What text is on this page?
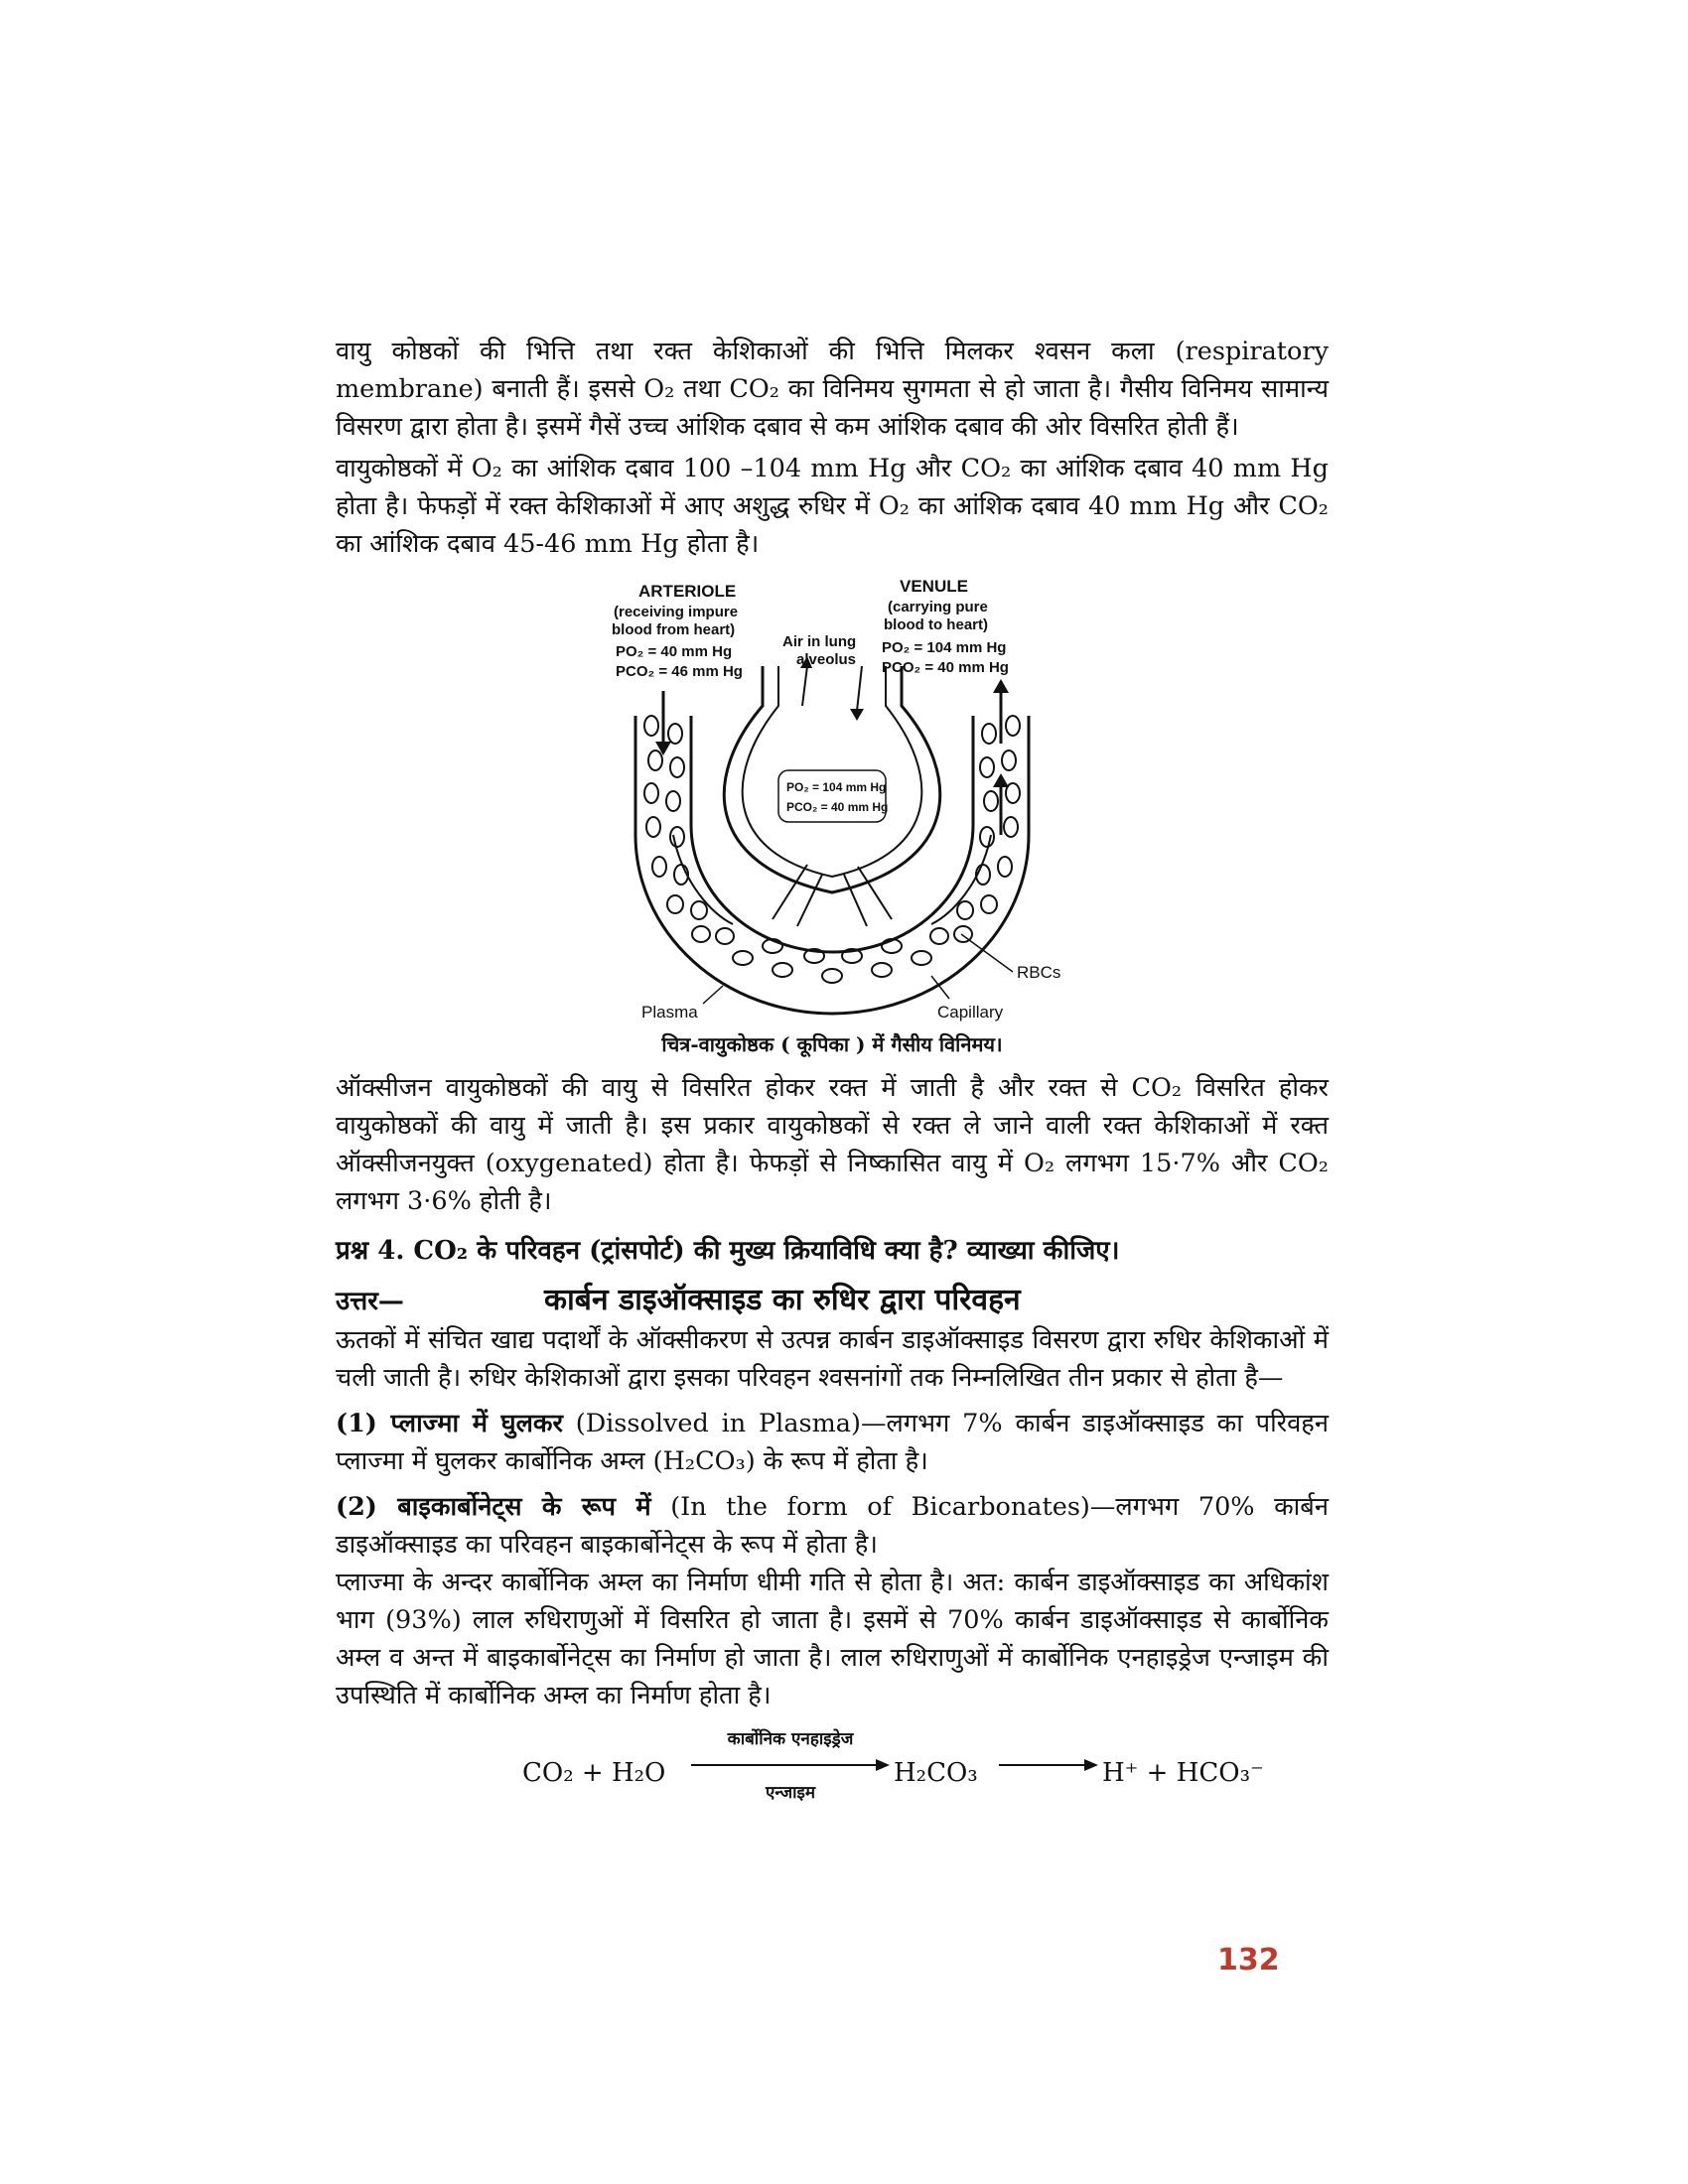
वायु कोष्ठकों की भित्ति तथा रक्त केशिकाओं की भित्ति मिलकर श्वसन कला (respiratory membrane) बनाती हैं। इससे O₂ तथा CO₂ का विनिमय सुगमता से हो जाता है। गैसीय विनिमय सामान्य विसरण द्वारा होता है। इसमें गैसें उच्च आंशिक दबाव से कम आंशिक दबाव की ओर विसरित होती हैं।

वायुकोष्ठकों में O₂ का आंशिक दबाव 100 –104 mm Hg और CO₂ का आंशिक दबाव 40 mm Hg होता है। फेफड़ों में रक्त केशिकाओं में आए अशुद्ध रुधिर में O₂ का आंशिक दबाव 40 mm Hg और CO₂ का आंशिक दबाव 45-46 mm Hg होता है।

ARTERIOLE
(receiving impure
blood from heart)
PO₂ = 40 mm Hg
PCO₂ = 46 mm Hg
Air in lung
alveolus
VENULE
(carrying pure
blood to heart)
PO₂ = 104 mm Hg
PCO₂ = 40 mm Hg
PO₂ = 104 mm Hg
PCO₂ = 40 mm Hg
RBCs
Plasma	Capillary
चित्र-वायुकोष्ठक ( कूपिका ) में गैसीय विनिमय।

ऑक्सीजन वायुकोष्ठकों की वायु से विसरित होकर रक्त में जाती है और रक्त से CO₂ विसरित होकर वायुकोष्ठकों की वायु में जाती है। इस प्रकार वायुकोष्ठकों से रक्त ले जाने वाली रक्त केशिकाओं में रक्त ऑक्सीजनयुक्त (oxygenated) होता है। फेफड़ों से निष्कासित वायु में O₂ लगभग 15·7% और CO₂ लगभग 3·6% होती है।

प्रश्न 4. CO₂ के परिवहन (ट्रांसपोर्ट) की मुख्य क्रियाविधि क्या है? व्याख्या कीजिए।

उत्तर—	कार्बन डाइऑक्साइड का रुधिर द्वारा परिवहन

ऊतकों में संचित खाद्य पदार्थों के ऑक्सीकरण से उत्पन्न कार्बन डाइऑक्साइड विसरण द्वारा रुधिर केशिकाओं में चली जाती है। रुधिर केशिकाओं द्वारा इसका परिवहन श्वसनांगों तक निम्नलिखित तीन प्रकार से होता है—

(1) प्लाज्मा में घुलकर (Dissolved in Plasma)—लगभग 7% कार्बन डाइऑक्साइड का परिवहन प्लाज्मा में घुलकर कार्बोनिक अम्ल (H₂CO₃) के रूप में होता है।

(2) बाइकार्बोनेट्स के रूप में (In the form of Bicarbonates)—लगभग 70% कार्बन डाइऑक्साइड का परिवहन बाइकार्बोनेट्स के रूप में होता है।

प्लाज्मा के अन्दर कार्बोनिक अम्ल का निर्माण धीमी गति से होता है। अत: कार्बन डाइऑक्साइड का अधिकांश भाग (93%) लाल रुधिराणुओं में विसरित हो जाता है। इसमें से 70% कार्बन डाइऑक्साइड से कार्बोनिक अम्ल व अन्त में बाइकार्बोनेट्स का निर्माण हो जाता है। लाल रुधिराणुओं में कार्बोनिक एनहाइड्रेज एन्जाइम की उपस्थिति में कार्बोनिक अम्ल का निर्माण होता है।

CO₂ + H₂O
कार्बोनिक एनहाइड्रेज
एन्जाइम
H₂CO₃	H⁺ + HCO₃⁻
132
